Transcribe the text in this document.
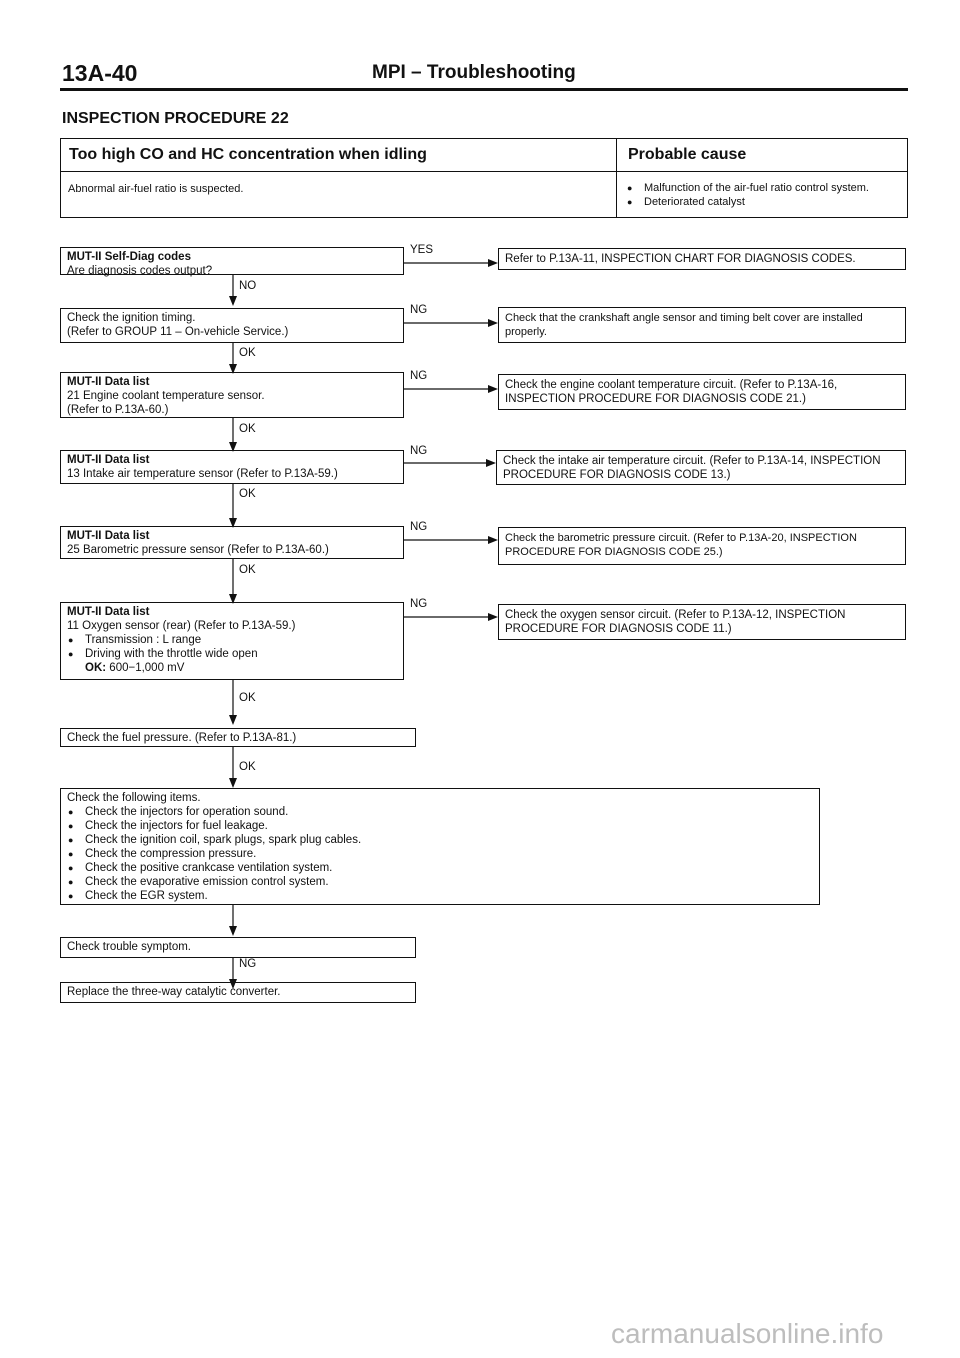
13A-40	MPI – Troubleshooting
INSPECTION PROCEDURE 22
Too high CO and HC concentration when idling	Probable cause
Abnormal air-fuel ratio is suspected.
●	Malfunction of the air-fuel ratio control system.
● Deteriorated catalyst
MUT-II Self-Diag codes
Are diagnosis codes output?
YES
Refer to P.13A-11, INSPECTION CHART FOR DIAGNOSIS CODES.
NO
Check the ignition timing.
(Refer to GROUP 11 – On-vehicle Service.)
NG
Check that the crankshaft angle sensor and timing belt cover are installed properly.
OK
MUT-II Data list
21 Engine coolant temperature sensor.
(Refer to P.13A-60.)
NG
Check the engine coolant temperature circuit. (Refer to P.13A-16, INSPECTION PROCEDURE FOR DIAGNOSIS CODE 21.)
OK
MUT-II Data list
13 Intake air temperature sensor (Refer to P.13A-59.)
NG
Check the intake air temperature circuit. (Refer to P.13A-14, INSPECTION PROCEDURE FOR DIAGNOSIS CODE 13.)
OK
MUT-II Data list
25 Barometric pressure sensor (Refer to P.13A-60.)
NG
Check the barometric pressure circuit. (Refer to P.13A-20, INSPECTION PROCEDURE FOR DIAGNOSIS CODE 25.)
OK
MUT-II Data list
11 Oxygen sensor (rear) (Refer to P.13A-59.)
● Transmission : L range
● Driving with the throttle wide open
OK: 600−1,000 mV
NG
Check the oxygen sensor circuit. (Refer to P.13A-12, INSPECTION PROCEDURE FOR DIAGNOSIS CODE 11.)
OK
Check the fuel pressure. (Refer to P.13A-81.)
OK
Check the following items.
● Check the injectors for operation sound.
● Check the injectors for fuel leakage.
● Check the ignition coil, spark plugs, spark plug cables.
● Check the compression pressure.
● Check the positive crankcase ventilation system.
● Check the evaporative emission control system.
● Check the EGR system.
Check trouble symptom.
NG
Replace the three-way catalytic converter.
carmanualsonline.info
